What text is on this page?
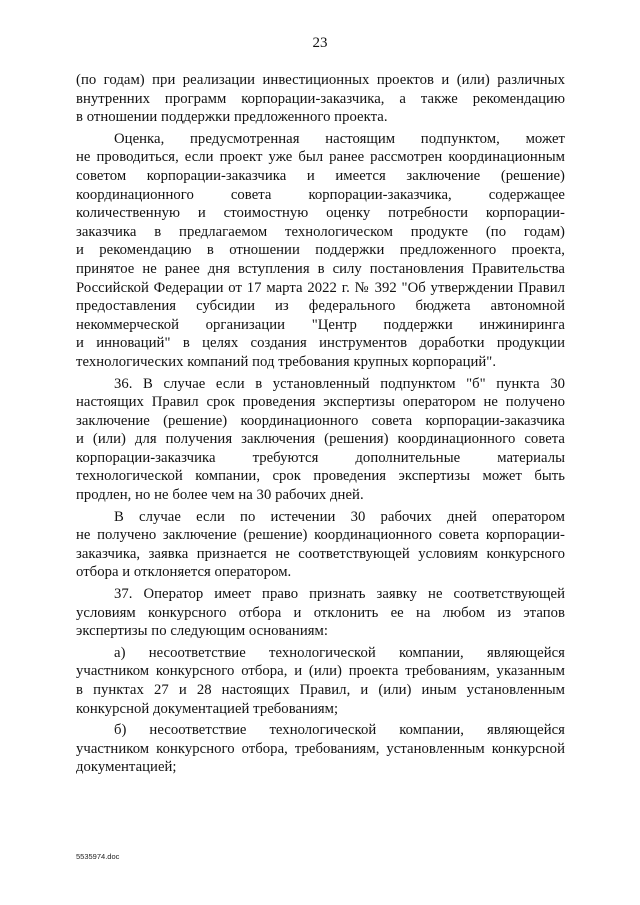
23
(по годам) при реализации инвестиционных проектов и (или) различных
внутренних программ корпорации-заказчика, а также рекомендацию
в отношении поддержки предложенного проекта.
Оценка, предусмотренная настоящим подпунктом, может
не проводиться, если проект уже был ранее рассмотрен координационным
советом корпорации-заказчика и имеется заключение (решение)
координационного совета корпорации-заказчика, содержащее
количественную и стоимостную оценку потребности корпорации-
заказчика в предлагаемом технологическом продукте (по годам)
и рекомендацию в отношении поддержки предложенного проекта,
принятое не ранее дня вступления в силу постановления Правительства
Российской Федерации от 17 марта 2022 г. № 392 "Об утверждении Правил
предоставления субсидии из федерального бюджета автономной
некоммерческой организации "Центр поддержки инжиниринга
и инноваций" в целях создания инструментов доработки продукции
технологических компаний под требования крупных корпораций".
36. В случае если в установленный подпунктом "б" пункта 30
настоящих Правил срок проведения экспертизы оператором не получено
заключение (решение) координационного совета корпорации-заказчика
и (или) для получения заключения (решения) координационного совета
корпорации-заказчика требуются дополнительные материалы
технологической компании, срок проведения экспертизы может быть
продлен, но не более чем на 30 рабочих дней.
В случае если по истечении 30 рабочих дней оператором
не получено заключение (решение) координационного совета корпорации-
заказчика, заявка признается не соответствующей условиям конкурсного
отбора и отклоняется оператором.
37. Оператор имеет право признать заявку не соответствующей
условиям конкурсного отбора и отклонить ее на любом из этапов
экспертизы по следующим основаниям:
а) несоответствие технологической компании, являющейся
участником конкурсного отбора, и (или) проекта требованиям, указанным
в пунктах 27 и 28 настоящих Правил, и (или) иным установленным
конкурсной документацией требованиям;
б) несоответствие технологической компании, являющейся
участником конкурсного отбора, требованиям, установленным конкурсной
документацией;
5535974.doc
